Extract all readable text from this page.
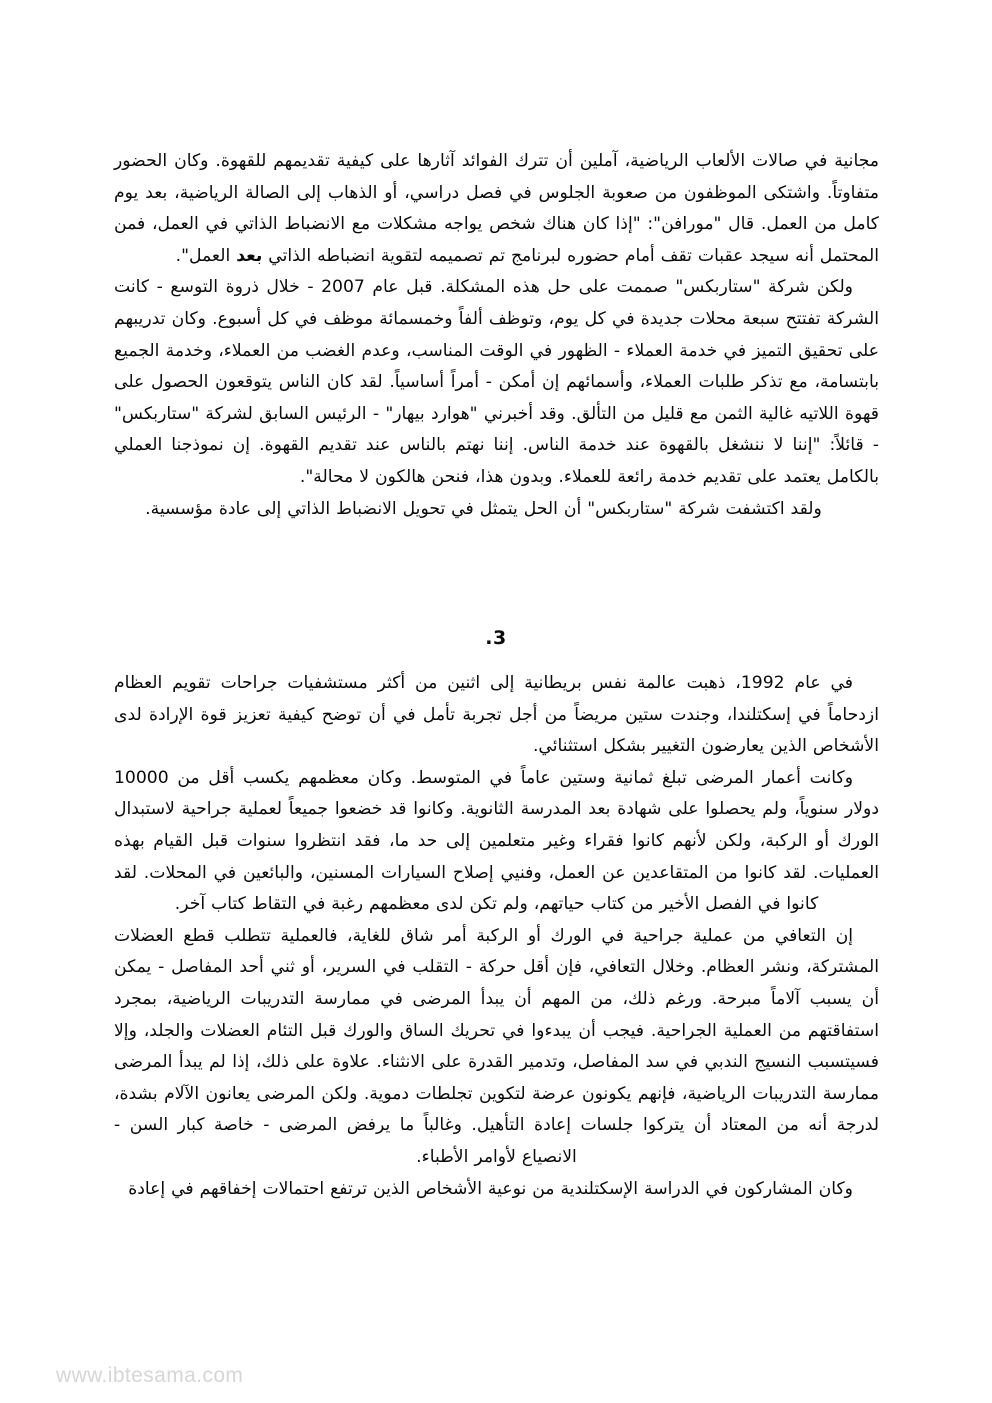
مجانية في صالات الألعاب الرياضية، آملين أن تترك الفوائد آثارها على كيفية تقديمهم للقهوة. وكان الحضور متفاوتاً. واشتكى الموظفون من صعوبة الجلوس في فصل دراسي، أو الذهاب إلى الصالة الرياضية، بعد يوم كامل من العمل. قال "مورافن": "إذا كان هناك شخص يواجه مشكلات مع الانضباط الذاتي في العمل، فمن المحتمل أنه سيجد عقبات تقف أمام حضوره لبرنامج تم تصميمه لتقوية انضباطه الذاتي بعد العمل".

ولكن شركة "ستاربكس" صممت على حل هذه المشكلة. قبل عام 2007 - خلال ذروة التوسع - كانت الشركة تفتتح سبعة محلات جديدة في كل يوم، وتوظف ألفاً وخمسمائة موظف في كل أسبوع. وكان تدريبهم على تحقيق التميز في خدمة العملاء - الظهور في الوقت المناسب، وعدم الغضب من العملاء، وخدمة الجميع بابتسامة، مع تذكر طلبات العملاء، وأسمائهم إن أمكن - أمراً أساسياً. لقد كان الناس يتوقعون الحصول على قهوة اللاتيه غالية الثمن مع قليل من التألق. وقد أخبرني "هوارد بيهار" - الرئيس السابق لشركة "ستاربكس" - قائلاً: "إننا لا ننشغل بالقهوة عند خدمة الناس. إننا نهتم بالناس عند تقديم القهوة. إن نموذجنا العملي بالكامل يعتمد على تقديم خدمة رائعة للعملاء. وبدون هذا، فنحن هالكون لا محالة".

ولقد اكتشفت شركة "ستاربكس" أن الحل يتمثل في تحويل الانضباط الذاتي إلى عادة مؤسسية.

.3

في عام 1992، ذهبت عالمة نفس بريطانية إلى اثنين من أكثر مستشفيات جراحات تقويم العظام ازدحاماً في إسكتلندا، وجندت ستين مريضاً من أجل تجربة تأمل في أن توضح كيفية تعزيز قوة الإرادة لدى الأشخاص الذين يعارضون التغيير بشكل استثنائي.

وكانت أعمار المرضى تبلغ ثمانية وستين عاماً في المتوسط. وكان معظمهم يكسب أقل من 10000 دولار سنوياً، ولم يحصلوا على شهادة بعد المدرسة الثانوية. وكانوا قد خضعوا جميعاً لعملية جراحية لاستبدال الورك أو الركبة، ولكن لأنهم كانوا فقراء وغير متعلمين إلى حد ما، فقد انتظروا سنوات قبل القيام بهذه العمليات. لقد كانوا من المتقاعدين عن العمل، وفنيي إصلاح السيارات المسنين، والبائعين في المحلات. لقد كانوا في الفصل الأخير من كتاب حياتهم، ولم تكن لدى معظمهم رغبة في التقاط كتاب آخر.

إن التعافي من عملية جراحية في الورك أو الركبة أمر شاق للغاية، فالعملية تتطلب قطع العضلات المشتركة، ونشر العظام. وخلال التعافي، فإن أقل حركة - التقلب في السرير، أو ثني أحد المفاصل - يمكن أن يسبب آلاماً مبرحة. ورغم ذلك، من المهم أن يبدأ المرضى في ممارسة التدريبات الرياضية، بمجرد استفاقتهم من العملية الجراحية. فيجب أن يبدءوا في تحريك الساق والورك قبل التئام العضلات والجلد، وإلا فسيتسبب النسيج الندبي في سد المفاصل، وتدمير القدرة على الانثناء. علاوة على ذلك، إذا لم يبدأ المرضى ممارسة التدريبات الرياضية، فإنهم يكونون عرضة لتكوين تجلطات دموية. ولكن المرضى يعانون الآلام بشدة، لدرجة أنه من المعتاد أن يتركوا جلسات إعادة التأهيل. وغالباً ما يرفض المرضى - خاصة كبار السن - الانصياع لأوامر الأطباء.

وكان المشاركون في الدراسة الإسكتلندية من نوعية الأشخاص الذين ترتفع احتمالات إخفاقهم في إعادة

www.ibtesama.com
